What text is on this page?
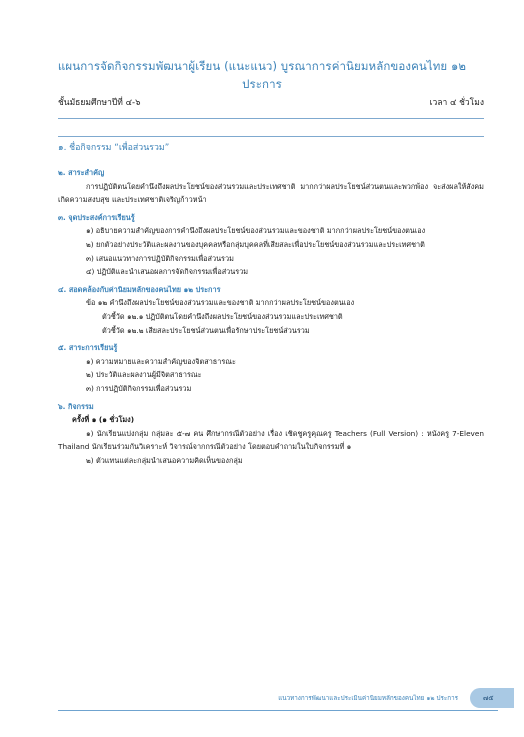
แผนการจัดกิจกรรมพัฒนาผู้เรียน (แนะแนว) บูรณาการค่านิยมหลักของคนไทย ๑๒ ประการ
ชั้นมัธยมศึกษาปีที่ ๔-๖	เวลา ๔ ชั่วโมง
๑. ชื่อกิจกรรม “เพื่อส่วนรวม”
๒. สาระสำคัญ

การปฏิบัติตนโดยคำนึงถึงผลประโยชน์ของส่วนรวมและประเทศชาติ มากกว่าผลประโยชน์ส่วนตนและพวกพ้อง จะส่งผลให้สังคมเกิดความสงบสุข และประเทศชาติเจริญก้าวหน้า

๓. จุดประสงค์การเรียนรู้

๑) อธิบายความสำคัญของการคำนึงถึงผลประโยชน์ของส่วนรวมและของชาติ มากกว่าผลประโยชน์ของตนเอง

๒) ยกตัวอย่างประวัติและผลงานของบุคคลหรือกลุ่มบุคคลที่เสียสละเพื่อประโยชน์ของส่วนรวมและประเทศชาติ

๓) เสนอแนวทางการปฏิบัติกิจกรรมเพื่อส่วนรวม

๔) ปฏิบัติและนำเสนอผลการจัดกิจกรรมเพื่อส่วนรวม

๔. สอดคล้องกับค่านิยมหลักของคนไทย ๑๒ ประการ

ข้อ ๑๒ คำนึงถึงผลประโยชน์ของส่วนรวมและของชาติ มากกว่าผลประโยชน์ของตนเอง

ตัวชี้วัด ๑๒.๑ ปฏิบัติตนโดยคำนึงถึงผลประโยชน์ของส่วนรวมและประเทศชาติ

ตัวชี้วัด ๑๒.๒ เสียสละประโยชน์ส่วนตนเพื่อรักษาประโยชน์ส่วนรวม

๕. สาระการเรียนรู้

๑) ความหมายและความสำคัญของจิตสาธารณะ

๒) ประวัติและผลงานผู้มีจิตสาธารณะ

๓) การปฏิบัติกิจกรรมเพื่อส่วนรวม

๖. กิจกรรม

ครั้งที่ ๑ (๑ ชั่วโมง)

๑) นักเรียนแบ่งกลุ่ม กลุ่มละ ๕-๗ คน ศึกษากรณีตัวอย่าง เรื่อง เชิดชูครูคุณครู Teachers (Full Version) : หนังครู 7-Eleven Thailand นักเรียนร่วมกันวิเคราะห์ วิจารณ์จากกรณีตัวอย่าง โดยตอบคำถามในใบกิจกรรมที่ ๑

๒) ตัวแทนแต่ละกลุ่มนำเสนอความคิดเห็นของกลุ่ม

แนวทางการพัฒนาและประเมินค่านิยมหลักของคนไทย ๑๒ ประการ	๗๕
